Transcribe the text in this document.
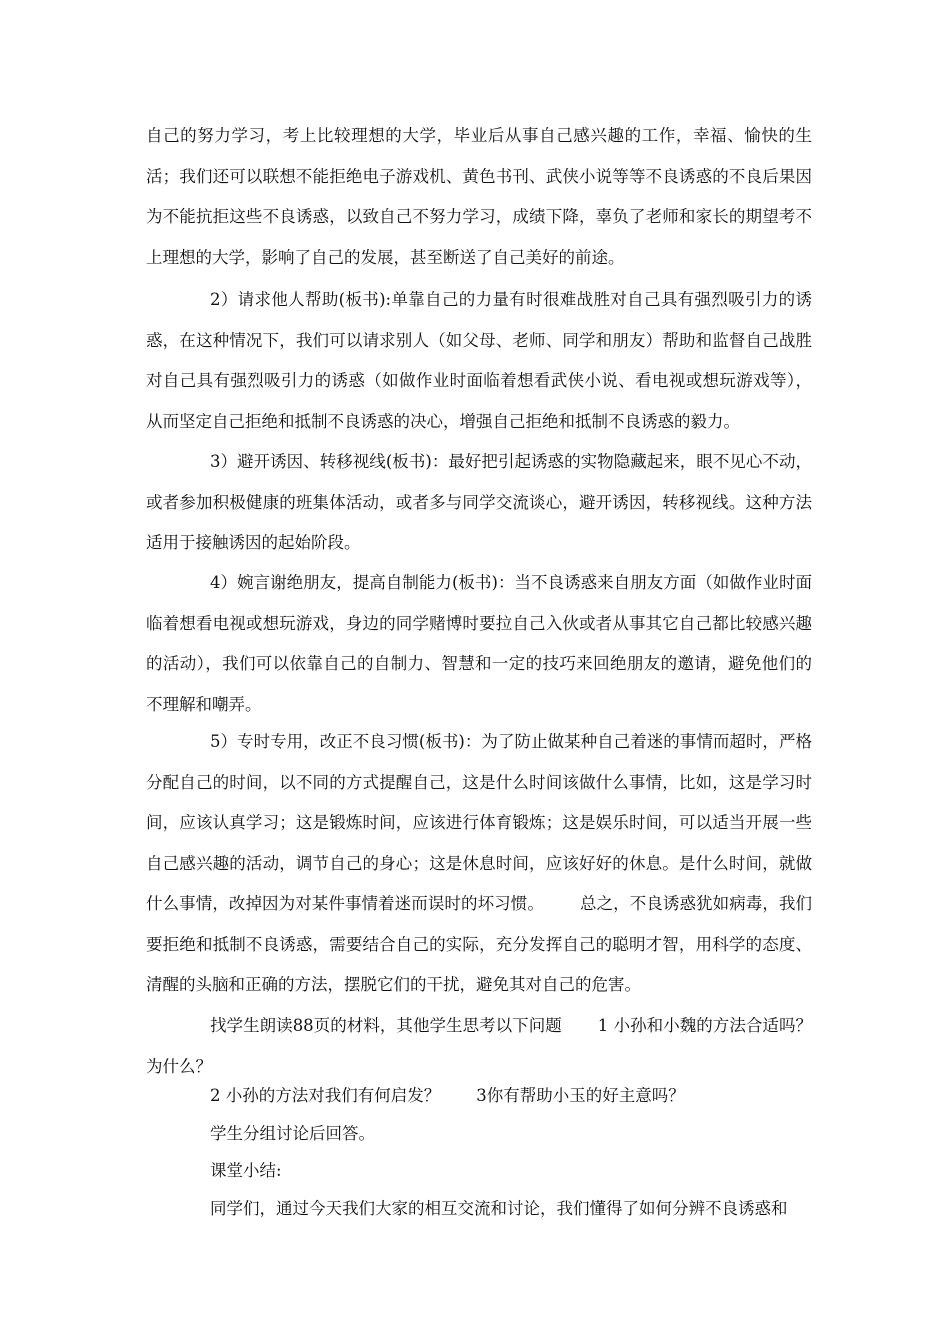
自己的努力学习，考上比较理想的大学，毕业后从事自己感兴趣的工作，幸福、愉快的生活；我们还可以联想不能拒绝电子游戏机、黄色书刊、武侠小说等等不良诱惑的不良后果因为不能抗拒这些不良诱惑，以致自己不努力学习，成绩下降，辜负了老师和家长的期望考不上理想的大学，影响了自己的发展，甚至断送了自己美好的前途。

2）请求他人帮助(板书):单靠自己的力量有时很难战胜对自己具有强烈吸引力的诱惑，在这种情况下，我们可以请求别人（如父母、老师、同学和朋友）帮助和监督自己战胜对自己具有强烈吸引力的诱惑（如做作业时面临着想看武侠小说、看电视或想玩游戏等），从而坚定自己拒绝和抵制不良诱惑的决心，增强自己拒绝和抵制不良诱惑的毅力。

3）避开诱因、转移视线(板书)：最好把引起诱惑的实物隐藏起来，眼不见心不动，或者参加积极健康的班集体活动，或者多与同学交流谈心，避开诱因，转移视线。这种方法适用于接触诱因的起始阶段。

4）婉言谢绝朋友，提高自制能力(板书)：当不良诱惑来自朋友方面（如做作业时面临着想看电视或想玩游戏，身边的同学赌博时要拉自己入伙或者从事其它自己都比较感兴趣的活动），我们可以依靠自己的自制力、智慧和一定的技巧来回绝朋友的邀请，避免他们的不理解和嘲弄。

5）专时专用，改正不良习惯(板书)：为了防止做某种自己着迷的事情而超时，严格分配自己的时间，以不同的方式提醒自己，这是什么时间该做什么事情，比如，这是学习时间，应该认真学习；这是锻炼时间，应该进行体育锻炼；这是娱乐时间，可以适当开展一些自己感兴趣的活动，调节自己的身心；这是休息时间，应该好好的休息。是什么时间，就做什么事情，改掉因为对某件事情着迷而误时的坏习惯。 总之，不良诱惑犹如病毒，我们要拒绝和抵制不良诱惑，需要结合自己的实际，充分发挥自己的聪明才智，用科学的态度、清醒的头脑和正确的方法，摆脱它们的干扰，避免其对自己的危害。

找学生朗读88页的材料，其他学生思考以下问题 1 小孙和小魏的方法合适吗？为什么？

2 小孙的方法对我们有何启发？ 3你有帮助小玉的好主意吗？
学生分组讨论后回答。
课堂小结:
同学们，通过今天我们大家的相互交流和讨论，我们懂得了如何分辨不良诱惑和
